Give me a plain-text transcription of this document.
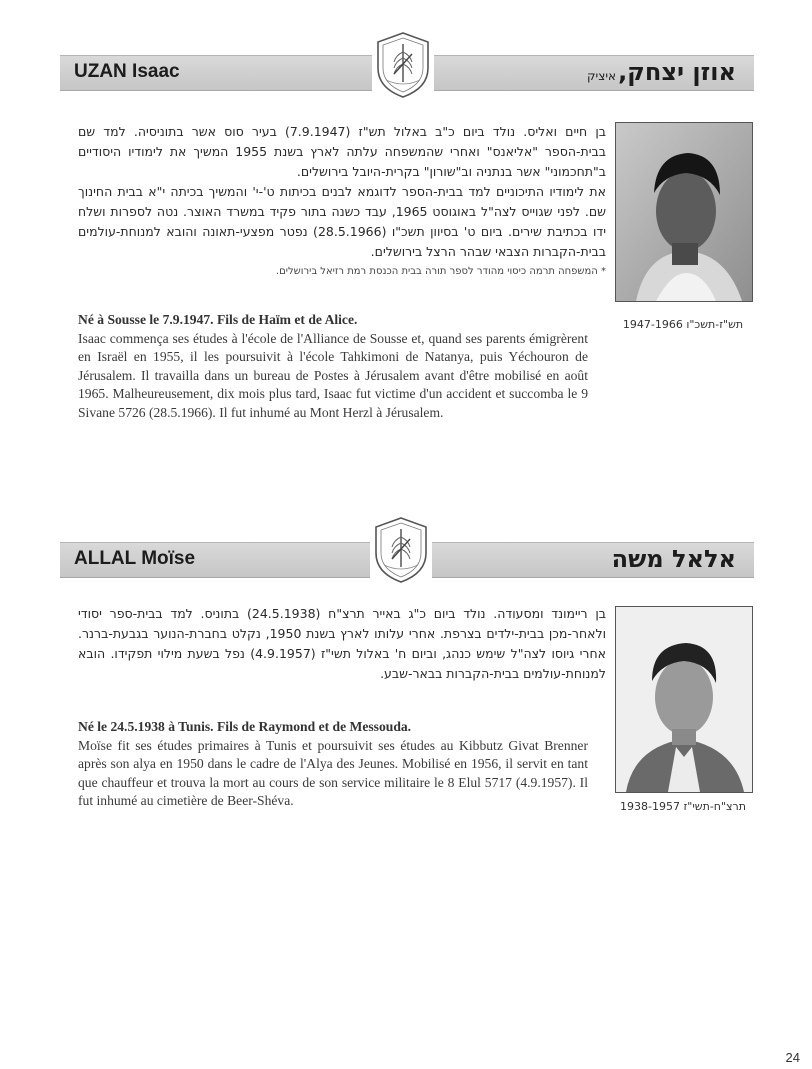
UZAN Isaac	אוזן יצחק,איציק

בן חיים ואליס. נולד ביום כ"ב באלול תש"ז (7.9.1947) בעיר סוס אשר בתוניסיה. למד שם בבית-הספר "אליאנס" ואחרי שהמשפחה עלתה לארץ בשנת 1955 המשיך את לימודיו היסודיים ב"תחכמוני" אשר בנתניה וב"שורון" בקרית-היובל בירושלים.

את לימודיו התיכוניים למד בבית-הספר לדוגמא לבנים בכיתות ט'-י' והמשיך בכיתה י"א בבית החינוך שם. לפני שגוייס לצה"ל באוגוסט 1965, עבד כשנה בתור פקיד במשרד האוצר. נטה לספרות ושלח ידו בכתיבת שירים. ביום ט' בסיוון תשכ"ו (28.5.1966) נפטר מפצעי-תאונה והובא למנוחת-עולמים בבית-הקברות הצבאי שבהר הרצל בירושלים.

* המשפחה תרמה כיסוי מהודר לספר תורה בבית הכנסת רמת רזיאל בירושלים.

תש"ז-תשכ"ו 1947-1966

Né à Sousse le 7.9.1947. Fils de Haïm et de Alice.

Isaac commença ses études à l'école de l'Alliance de Sousse et, quand ses parents émigrèrent en Israël en 1955, il les poursuivit à l'école Tahkimoni de Natanya, puis Yéchouron de Jérusalem. Il travailla dans un bureau de Postes à Jérusalem avant d'être mobilisé en août 1965. Malheureusement, dix mois plus tard, Isaac fut victime d'un accident et succomba le 9 Sivane 5726 (28.5.1966). Il fut inhumé au Mont Herzl à Jérusalem.

ALLAL Moïse	אלאל משה

בן ריימונד ומסעודה. נולד ביום כ"ג באייר תרצ"ח (24.5.1938) בתוניס. למד בבית-ספר יסודי ולאחר-מכן בבית-ילדים בצרפת. אחרי עלותו לארץ בשנת 1950, נקלט בחברת-הנוער בגבעת-ברנר. אחרי גיוסו לצה"ל שימש כנהג, וביום ח' באלול תשי"ז (4.9.1957) נפל בשעת מילוי תפקידו. הובא למנוחת-עולמים בבית-הקברות בבאר-שבע.

תרצ"ח-תשי"ז 1938-1957

Né le 24.5.1938 à Tunis. Fils de Raymond et de Messouda.

Moïse fit ses études primaires à Tunis et poursuivit ses études au Kibbutz Givat Brenner après son alya en 1950 dans le cadre de l'Alya des Jeunes. Mobilisé en 1956, il servit en tant que chauffeur et trouva la mort au cours de son service militaire le 8 Elul 5717 (4.9.1957). Il fut inhumé au cimetière de Beer-Shéva.

24
